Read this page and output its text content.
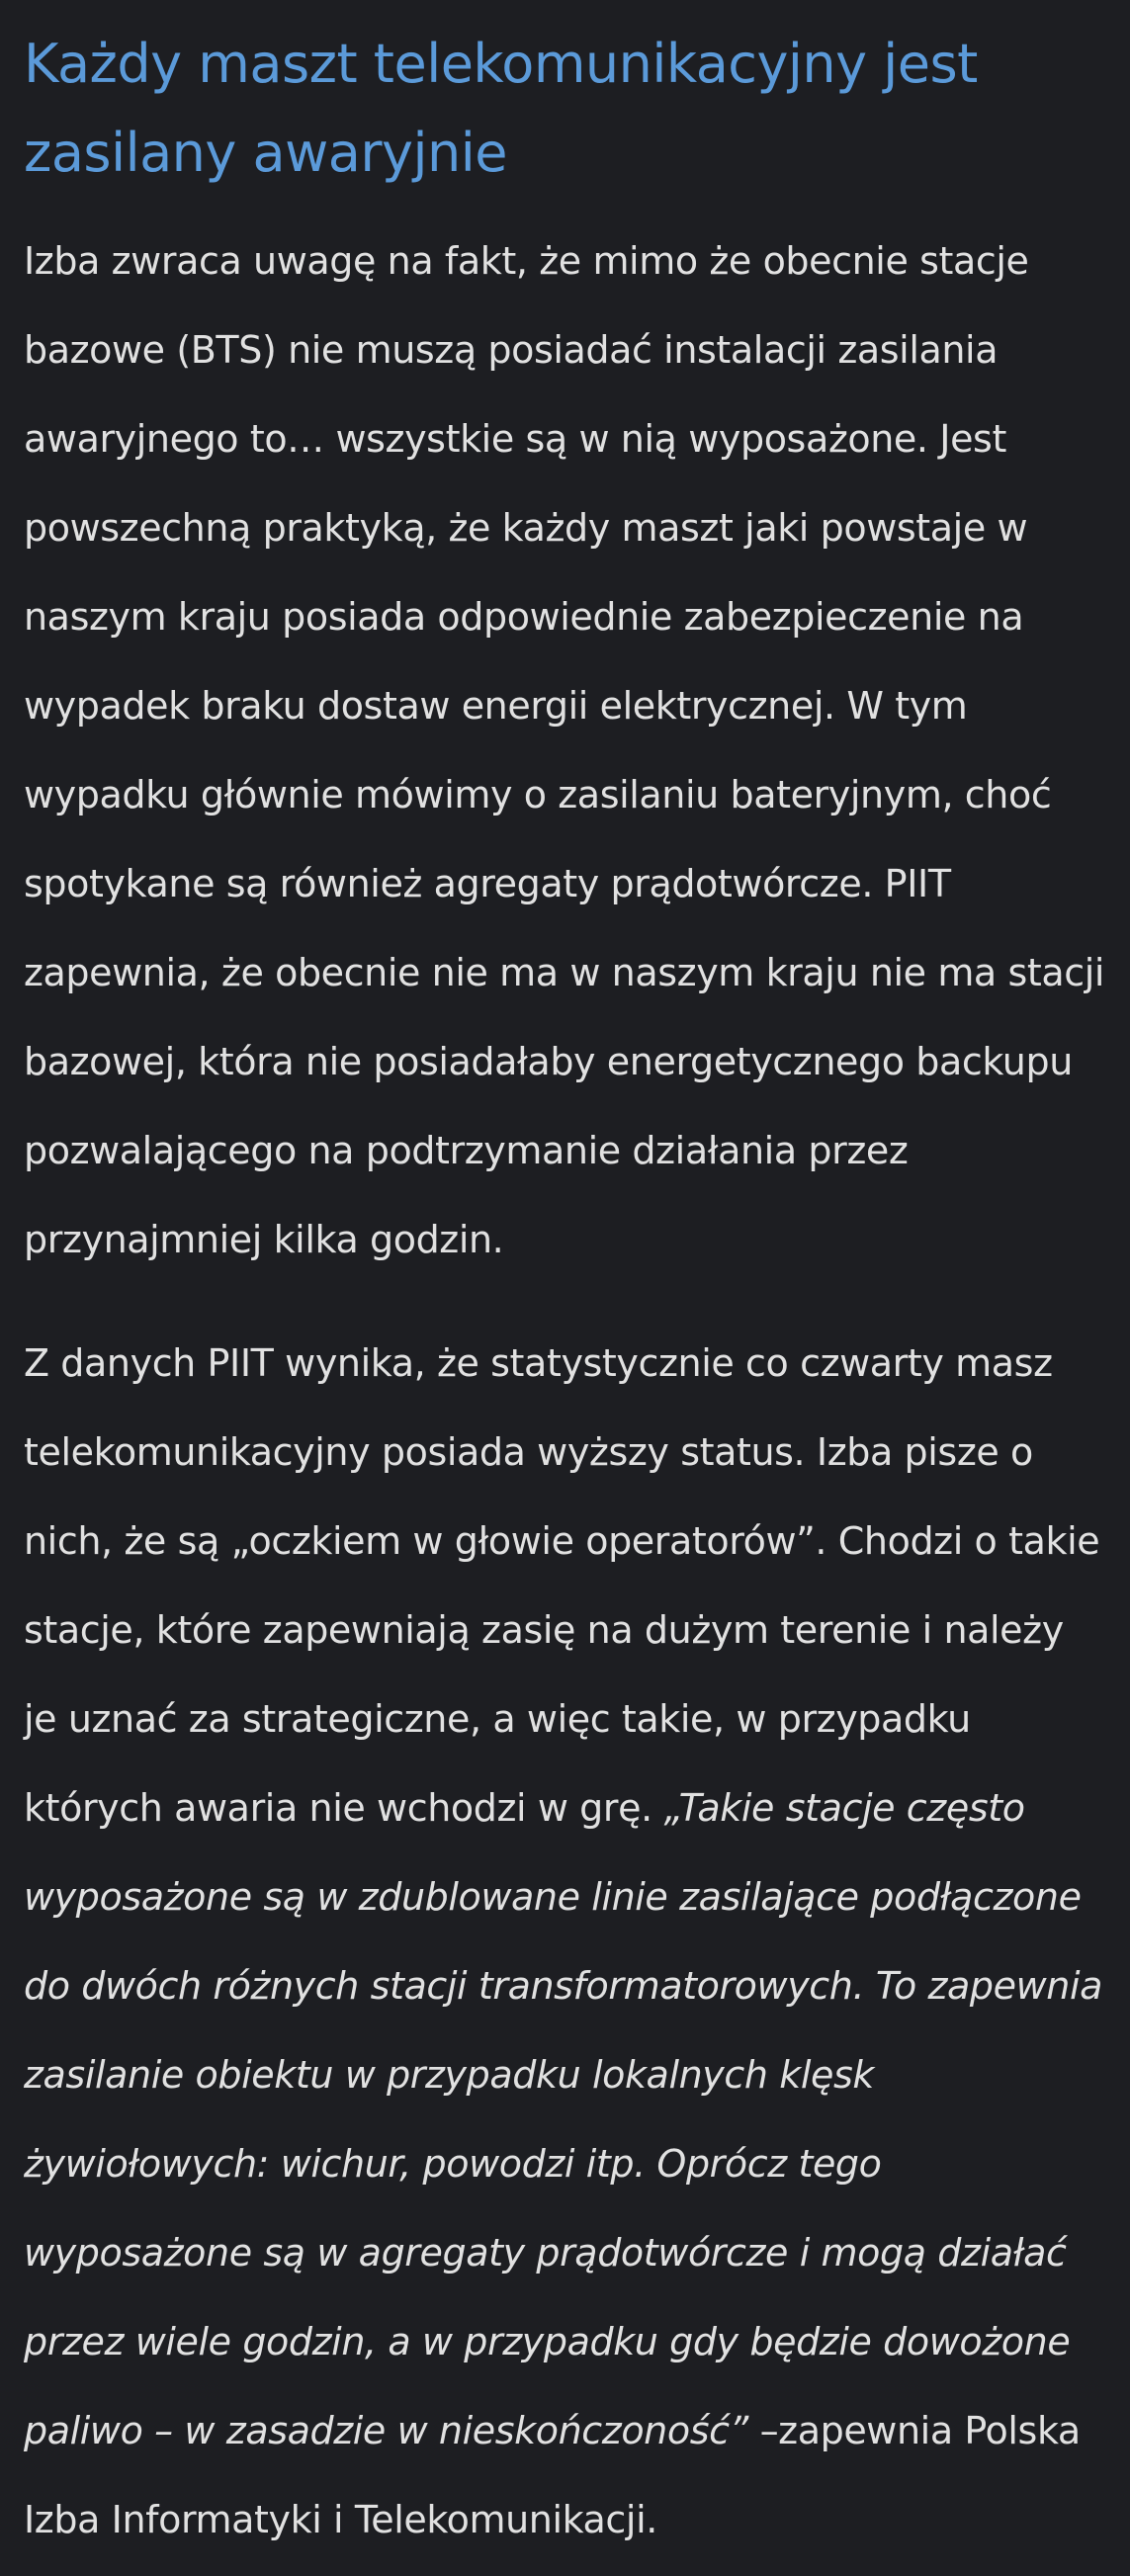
Każdy maszt telekomunikacyjny jest zasilany awaryjnie

Izba zwraca uwagę na fakt, że mimo że obecnie stacje bazowe (BTS) nie muszą posiadać instalacji zasilania awaryjnego to… wszystkie są w nią wyposażone. Jest powszechną praktyką, że każdy maszt jaki powstaje w naszym kraju posiada odpowiednie zabezpieczenie na wypadek braku dostaw energii elektrycznej. W tym wypadku głównie mówimy o zasilaniu bateryjnym, choć spotykane są również agregaty prądotwórcze. PIIT zapewnia, że obecnie nie ma w naszym kraju nie ma stacji bazowej, która nie posiadałaby energetycznego backupu pozwalającego na podtrzymanie działania przez przynajmniej kilka godzin.

Z danych PIIT wynika, że statystycznie co czwarty masz telekomunikacyjny posiada wyższy status. Izba pisze o nich, że są „oczkiem w głowie operatorów”. Chodzi o takie stacje, które zapewniają zasię na dużym terenie i należy je uznać za strategiczne, a więc takie, w przypadku których awaria nie wchodzi w grę. „Takie stacje często wyposażone są w zdublowane linie zasilające podłączone do dwóch różnych stacji transformatorowych. To zapewnia zasilanie obiektu w przypadku lokalnych klęsk żywiołowych: wichur, powodzi itp. Oprócz tego wyposażone są w agregaty prądotwórcze i mogą działać przez wiele godzin, a w przypadku gdy będzie dowożone paliwo – w zasadzie w nieskończoność” –zapewnia Polska Izba Informatyki i Telekomunikacji.
